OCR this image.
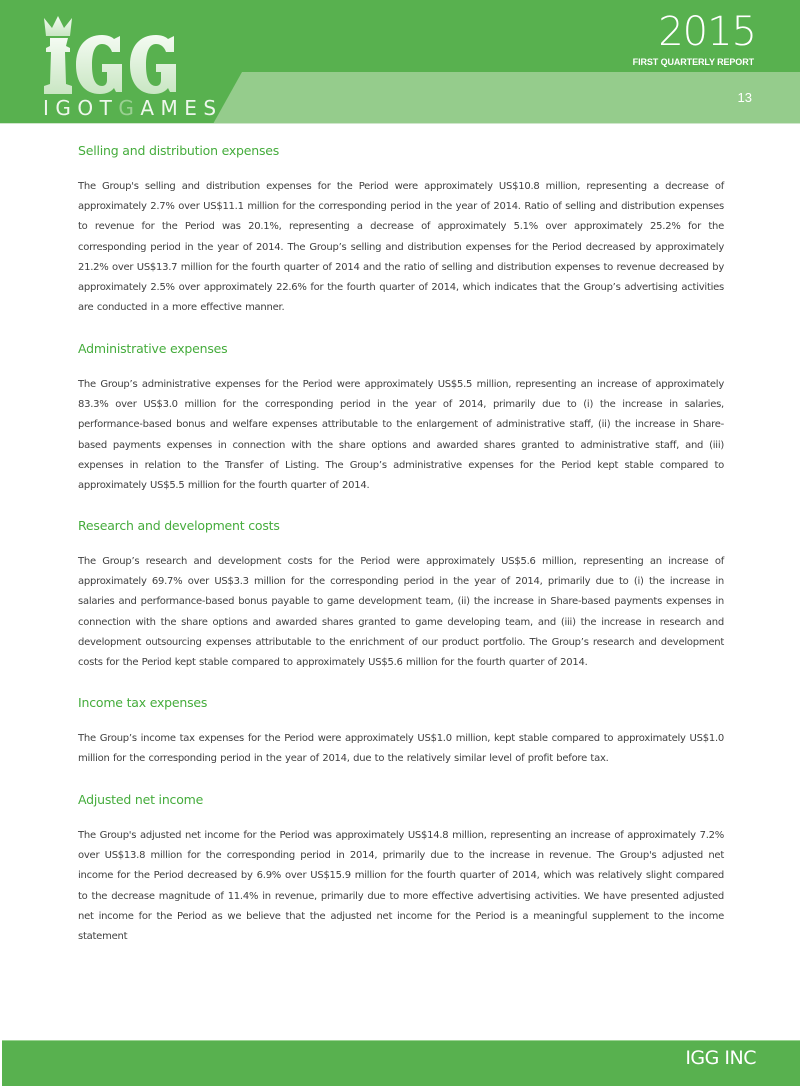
IGOTGAMES
2015
FIRST QUARTERLY REPORT
13
Selling and distribution expenses

The Group's selling and distribution expenses for the Period were approximately US$10.8 million, representing a decrease of approximately 2.7% over US$11.1 million for the corresponding period in the year of 2014. Ratio of selling and distribution expenses to revenue for the Period was 20.1%, representing a decrease of approximately 5.1% over approximately 25.2% for the corresponding period in the year of 2014. The Group’s selling and distribution expenses for the Period decreased by approximately 21.2% over US$13.7 million for the fourth quarter of 2014 and the ratio of selling and distribution expenses to revenue decreased by approximately 2.5% over approximately 22.6% for the fourth quarter of 2014, which indicates that the Group’s advertising activities are conducted in a more effective manner.

Administrative expenses

The Group’s administrative expenses for the Period were approximately US$5.5 million, representing an increase of approximately 83.3% over US$3.0 million for the corresponding period in the year of 2014, primarily due to (i) the increase in salaries, performance-based bonus and welfare expenses attributable to the enlargement of administrative staff, (ii) the increase in Share-based payments expenses in connection with the share options and awarded shares granted to administrative staff, and (iii) expenses in relation to the Transfer of Listing. The Group’s administrative expenses for the Period kept stable compared to approximately US$5.5 million for the fourth quarter of 2014.

Research and development costs

The Group’s research and development costs for the Period were approximately US$5.6 million, representing an increase of approximately 69.7% over US$3.3 million for the corresponding period in the year of 2014, primarily due to (i) the increase in salaries and performance-based bonus payable to game development team, (ii) the increase in Share-based payments expenses in connection with the share options and awarded shares granted to game developing team, and (iii) the increase in research and development outsourcing expenses attributable to the enrichment of our product portfolio. The Group’s research and development costs for the Period kept stable compared to approximately US$5.6 million for the fourth quarter of 2014.

Income tax expenses

The Group’s income tax expenses for the Period were approximately US$1.0 million, kept stable compared to approximately US$1.0 million for the corresponding period in the year of 2014, due to the relatively similar level of profit before tax.

Adjusted net income

The Group's adjusted net income for the Period was approximately US$14.8 million, representing an increase of approximately 7.2% over US$13.8 million for the corresponding period in 2014, primarily due to the increase in revenue. The Group's adjusted net income for the Period decreased by 6.9% over US$15.9 million for the fourth quarter of 2014, which was relatively slight compared to the decrease magnitude of 11.4% in revenue, primarily due to more effective advertising activities. We have presented adjusted net income for the Period as we believe that the adjusted net income for the Period is a meaningful supplement to the income statement

IGG INC
